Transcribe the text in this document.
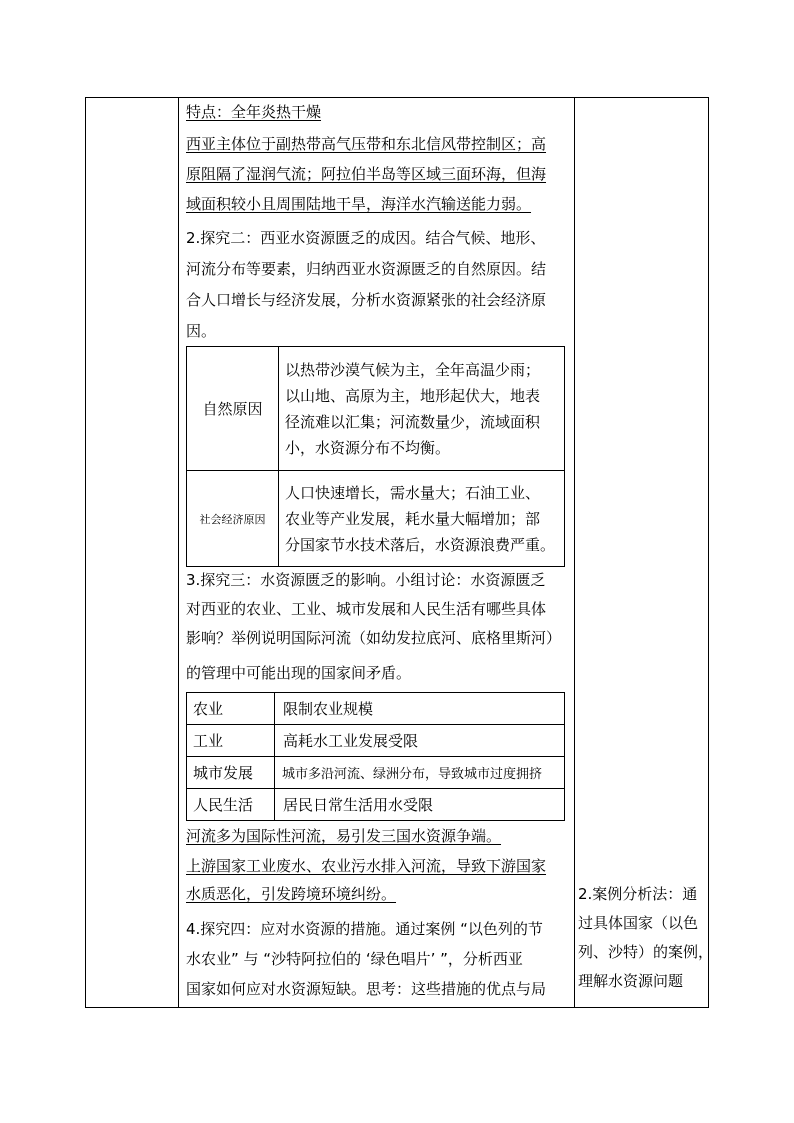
特点：全年炎热干燥
西亚主体位于副热带高气压带和东北信风带控制区；高
原阻隔了湿润气流；阿拉伯半岛等区域三面环海，但海
域面积较小且周围陆地干旱，海洋水汽输送能力弱。
2.探究二：西亚水资源匮乏的成因。结合气候、地形、
河流分布等要素，归纳西亚水资源匮乏的自然原因。结
合人口增长与经济发展，分析水资源紧张的社会经济原
因。
自然原因	以热带沙漠气候为主，全年高温少雨；
以山地、高原为主，地形起伏大，地表
径流难以汇集；河流数量少，流域面积
小，水资源分布不均衡。

社会经济原因	人口快速增长，需水量大；石油工业、
农业等产业发展，耗水量大幅增加；部
分国家节水技术落后，水资源浪费严重。
3.探究三：水资源匮乏的影响。小组讨论：水资源匮乏
对西亚的农业、工业、城市发展和人民生活有哪些具体
影响？举例说明国际河流（如幼发拉底河、底格里斯河）
的管理中可能出现的国家间矛盾。
农业	限制农业规模
工业	高耗水工业发展受限
城市发展	城市多沿河流、绿洲分布，导致城市过度拥挤
人民生活	居民日常生活用水受限
河流多为国际性河流，易引发三国水资源争端。
上游国家工业废水、农业污水排入河流，导致下游国家
水质恶化，引发跨境环境纠纷。
4.探究四：应对水资源的措施。通过案例 “以色列的节
水农业” 与 “沙特阿拉伯的 ‘绿色唱片’ ”，分析西亚
国家如何应对水资源短缺。思考：这些措施的优点与局
2.案例分析法：通
过具体国家（以色
列、沙特）的案例，
理解水资源问题
